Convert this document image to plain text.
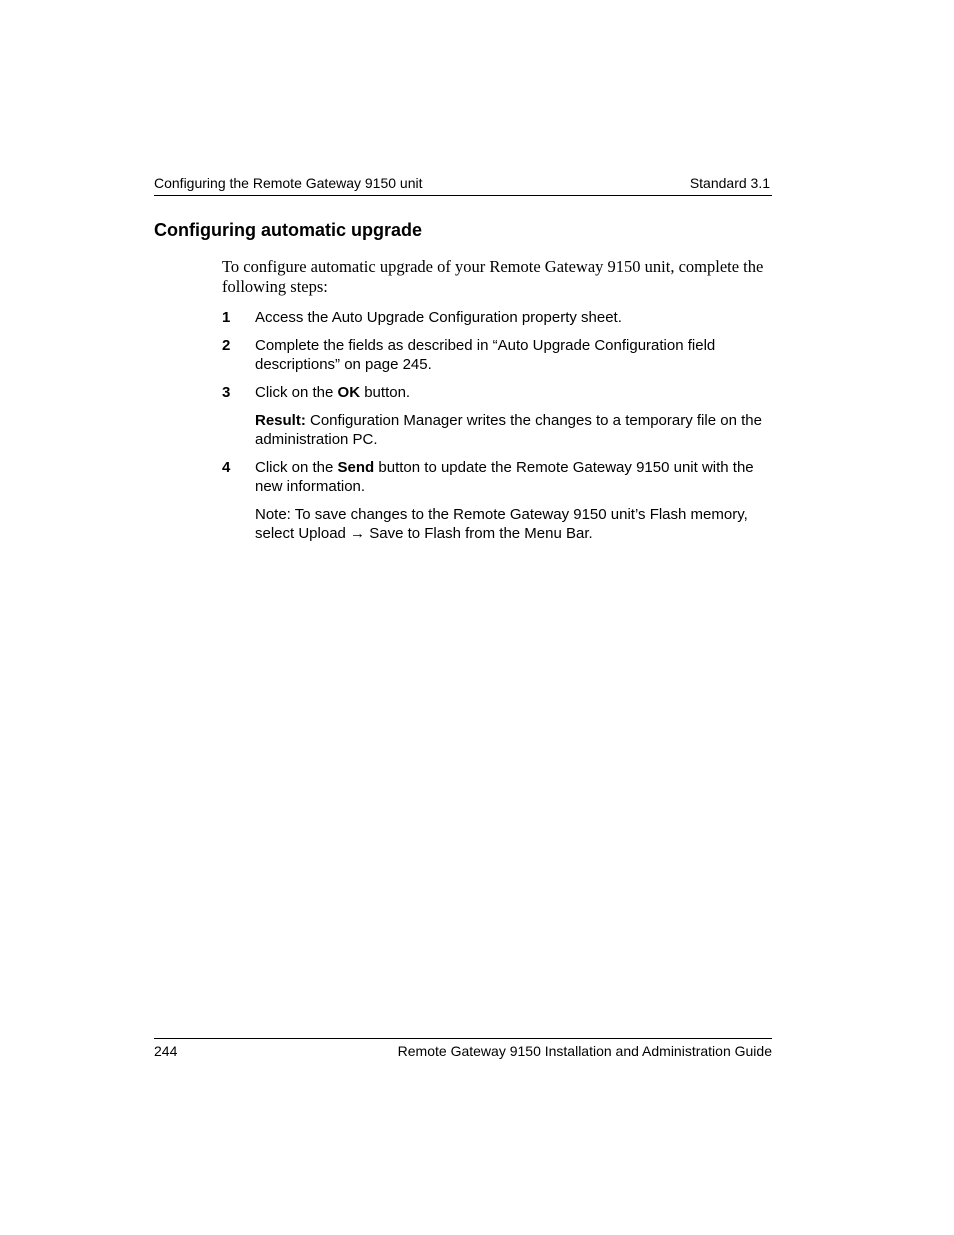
Configuring the Remote Gateway 9150 unit	Standard 3.1
Configuring automatic upgrade

To configure automatic upgrade of your Remote Gateway 9150 unit, complete the following steps:

1 Access the Auto Upgrade Configuration property sheet.
2 Complete the fields as described in “Auto Upgrade Configuration field descriptions” on page 245.
3 Click on the OK button.
Result: Configuration Manager writes the changes to a temporary file on the administration PC.
4 Click on the Send button to update the Remote Gateway 9150 unit with the new information.
Note: To save changes to the Remote Gateway 9150 unit’s Flash memory, select Upload → Save to Flash from the Menu Bar.
244	Remote Gateway 9150 Installation and Administration Guide
